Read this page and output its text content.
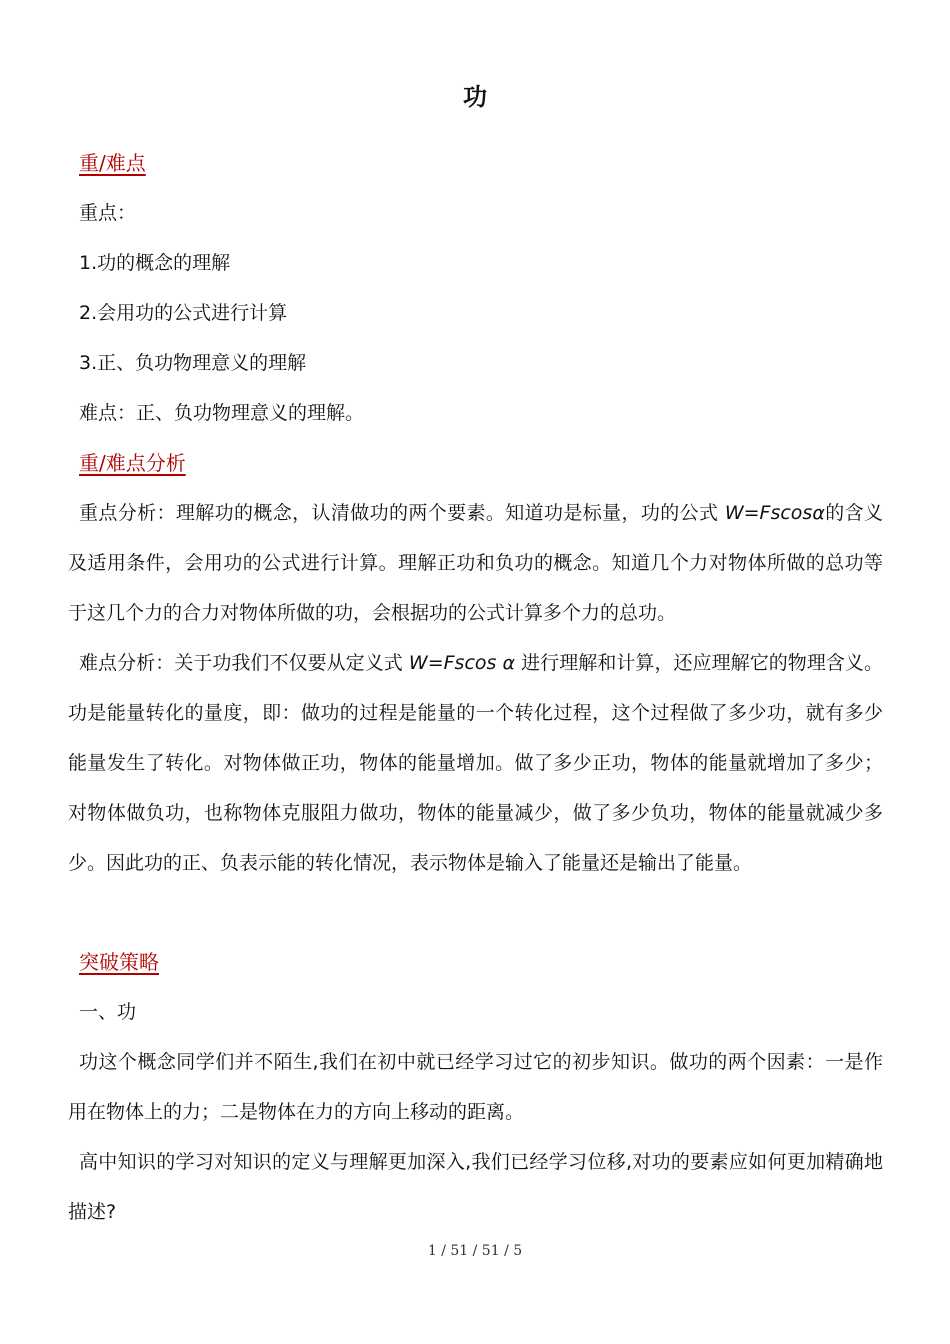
功
重/难点
重点：
1.功的概念的理解
2.会用功的公式进行计算
3.正、负功物理意义的理解
难点：正、负功物理意义的理解。
重/难点分析
重点分析：理解功的概念，认清做功的两个要素。知道功是标量，功的公式 W=Fscosα的含义及适用条件，会用功的公式进行计算。理解正功和负功的概念。知道几个力对物体所做的总功等于这几个力的合力对物体所做的功，会根据功的公式计算多个力的总功。
难点分析：关于功我们不仅要从定义式 W=Fscos α 进行理解和计算，还应理解它的物理含义。功是能量转化的量度，即：做功的过程是能量的一个转化过程，这个过程做了多少功，就有多少能量发生了转化。对物体做正功，物体的能量增加。做了多少正功，物体的能量就增加了多少；对物体做负功，也称物体克服阻力做功，物体的能量减少，做了多少负功，物体的能量就减少多少。因此功的正、负表示能的转化情况，表示物体是输入了能量还是输出了能量。
突破策略
一、功
功这个概念同学们并不陌生,我们在初中就已经学习过它的初步知识。做功的两个因素：一是作用在物体上的力；二是物体在力的方向上移动的距离。
高中知识的学习对知识的定义与理解更加深入,我们已经学习位移,对功的要素应如何更加精确地描述?
1 / 51 / 51 / 5
